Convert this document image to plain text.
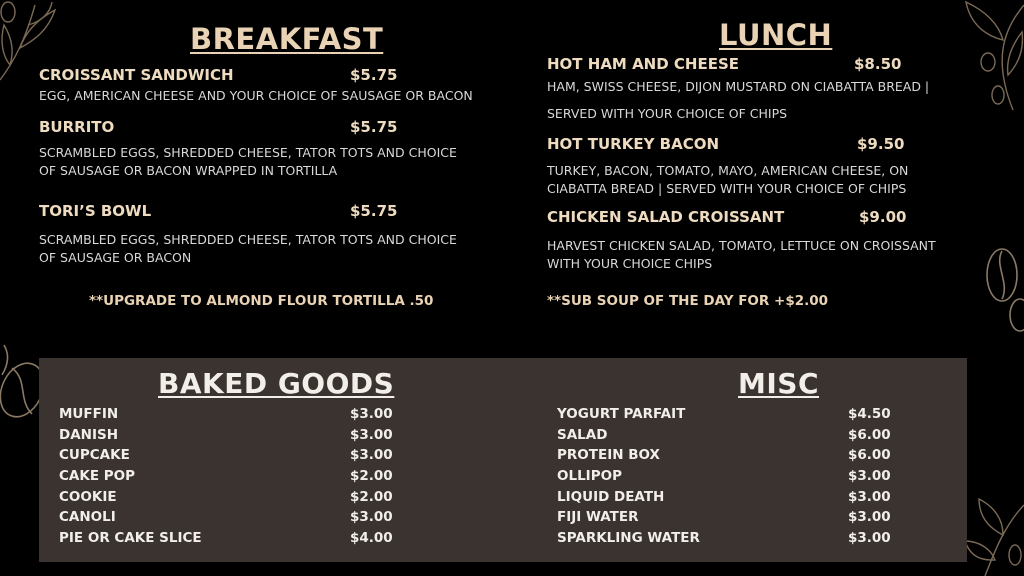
BREAKFAST
CROISSANT SANDWICH	$5.75
EGG, AMERICAN CHEESE AND YOUR CHOICE OF SAUSAGE OR BACON
BURRITO	$5.75
SCRAMBLED EGGS, SHREDDED CHEESE, TATOR TOTS AND CHOICE
OF SAUSAGE OR BACON WRAPPED IN TORTILLA
TORI’S BOWL	$5.75
SCRAMBLED EGGS, SHREDDED CHEESE, TATOR TOTS AND CHOICE
OF SAUSAGE OR BACON
**UPGRADE TO ALMOND FLOUR TORTILLA .50
LUNCH
HOT HAM AND CHEESE	$8.50
HAM, SWISS CHEESE, DIJON MUSTARD ON CIABATTA BREAD |
SERVED WITH YOUR CHOICE OF CHIPS
HOT TURKEY BACON	$9.50
TURKEY, BACON, TOMATO, MAYO, AMERICAN CHEESE, ON
CIABATTA BREAD | SERVED WITH YOUR CHOICE OF CHIPS
CHICKEN SALAD CROISSANT	$9.00
HARVEST CHICKEN SALAD, TOMATO, LETTUCE ON CROISSANT
WITH YOUR CHOICE CHIPS
**SUB SOUP OF THE DAY FOR +$2.00
BAKED GOODS	MISC
MUFFIN	$3.00
DANISH	$3.00
CUPCAKE	$3.00
CAKE POP	$2.00
COOKIE	$2.00
CANOLI	$3.00
PIE OR CAKE SLICE	$4.00
YOGURT PARFAIT	$4.50
SALAD	$6.00
PROTEIN BOX	$6.00
OLLIPOP	$3.00
LIQUID DEATH	$3.00
FIJI WATER	$3.00
SPARKLING WATER	$3.00
